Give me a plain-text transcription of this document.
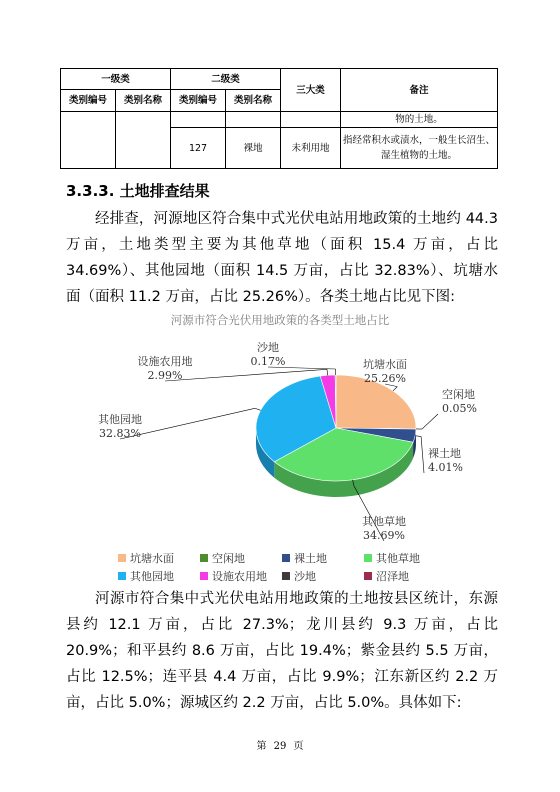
一级类		二级类		三大类	备注
类别编号	类别名称	类别编号	类别名称		
					物的土地。
		127	裸地	未利用地	指经常积水或渍水，一般生长沼生、
湿生植物的土地。
3.3.3. 土地排查结果

经排查，河源地区符合集中式光伏电站用地政策的土地约 44.3 万亩，土地类型主要为其他草地（面积 15.4 万亩，占比 34.69%）、其他园地（面积 14.5 万亩，占比 32.83%）、坑塘水面（面积 11.2 万亩，占比 25.26%）。各类土地占比见下图:

河源市符合光伏用地政策的各类型土地占比
坑塘水面
25.26%
空闲地
0.05%
裸土地
4.01%
其他草地
34.69%
其他园地
32.83%
设施农用地
2.99%
沙地
0.17%
坑塘水面	空闲地	裸土地	其他草地
其他园地	设施农用地 沙地	沼泽地

河源市符合集中式光伏电站用地政策的土地按县区统计，东源县约 12.1 万亩，占比 27.3%；龙川县约 9.3 万亩，占比 20.9%；和平县约 8.6 万亩，占比 19.4%；紫金县约 5.5 万亩，占比 12.5%；连平县 4.4 万亩，占比 9.9%；江东新区约 2.2 万亩，占比 5.0%；源城区约 2.2 万亩，占比 5.0%。具体如下:

第 29 页
